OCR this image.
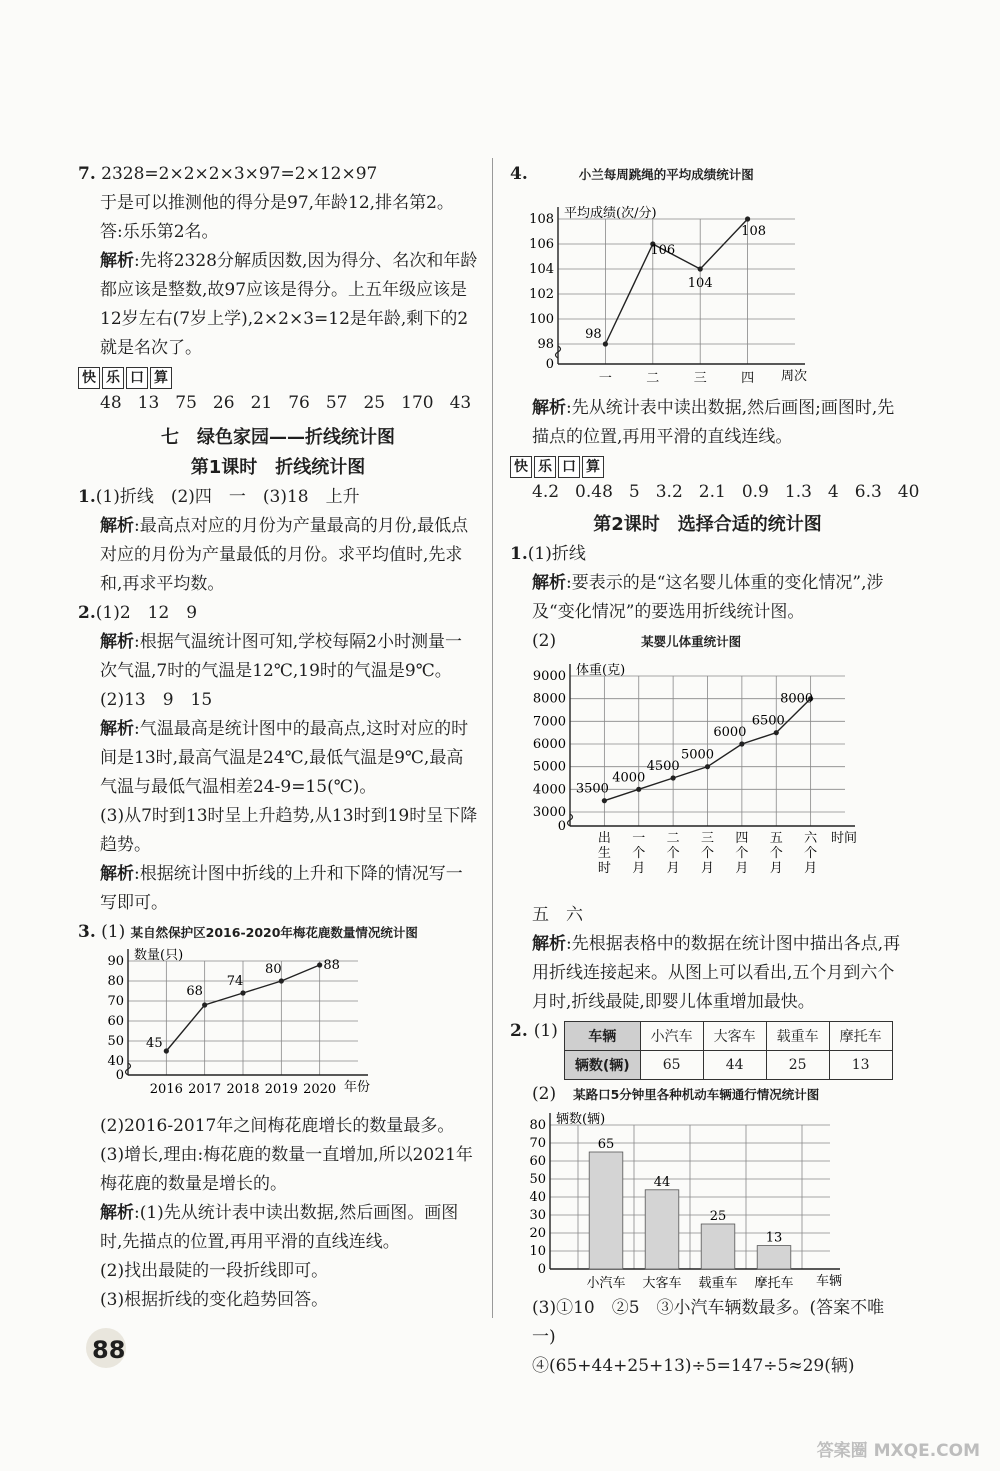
7. 2328=2×2×2×3×97=2×12×97

于是可以推测他的得分是97,年龄12,排名第2。

答:乐乐第2名。

解析:先将2328分解质因数,因为得分、名次和年龄都应该是整数,故97应该是得分。上五年级应该是12岁左右(7岁上学),2×2×3=12是年龄,剩下的2就是名次了。

快 乐 口 算
48 13 75 26 21 76 57 25 170 43
七　绿色家园——折线统计图
第1课时　折线统计图

1.(1)折线　(2)四　一　(3)18　上升

解析:最高点对应的月份为产量最高的月份,最低点对应的月份为产量最低的月份。求平均值时,先求和,再求平均数。

2.(1)2　12　9

解析:根据气温统计图可知,学校每隔2小时测量一次气温,7时的气温是12℃,19时的气温是9℃。

(2)13　9　15

解析:气温最高是统计图中的最高点,这时对应的时间是13时,最高气温是24℃,最低气温是9℃,最高气温与最低气温相差24-9=15(℃)。

(3)从7时到13时呈上升趋势,从13时到19时呈下降趋势。

解析:根据统计图中折线的上升和下降的情况写一写即可。

3. (1) 某自然保护区2016-2020年梅花鹿数量情况统计图

0
40
50
60
70
80
90 数量(只)
年份
2016 2017 2018 2019 2020
45
68
74
80	88

(2)2016-2017年之间梅花鹿增长的数量最多。

(3)增长,理由:梅花鹿的数量一直增加,所以2021年梅花鹿的数量是增长的。

解析:(1)先从统计表中读出数据,然后画图。画图时,先描点的位置,再用平滑的直线连线。

(2)找出最陡的一段折线即可。

(3)根据折线的变化趋势回答。

4.　　　	小兰每周跳绳的平均成绩统计图

0
98
100
102
104
106
108 平均成绩(次/分)
周次
一	二	三	四
98
106
104
108

解析:先从统计表中读出数据,然后画图;画图时,先描点的位置,再用平滑的直线连线。

快 乐 口 算
4.2 0.48 5 3.2 2.1 0.9 1.3 4 6.3 40
第2课时　选择合适的统计图

1.(1)折线

解析:要表示的是“这名婴儿体重的变化情况”,涉及“变化情况”的要选用折线统计图。

(2)　　　　　	某婴儿体重统计图

0
3000
4000
5000
6000
7000
8000
9000 体重(克)
时间
出
生
时
一
个
月
二
个
月
三
个
月
四
个
月
五
个
月
六
个
月
3500
4000
4500
5000
6000
6500
8000

五　六

解析:先根据表格中的数据在统计图中描出各点,再用折线连接起来。从图上可以看出,五个月到六个月时,折线最陡,即婴儿体重增加最快。

2. (1) 车辆	小汽车	大客车	载重车	摩托车
辆数(辆)	65	44	25	13

(2)　 某路口5分钟里各种机动车辆通行情况统计图

0
10
20
30
40
50
60
70
80 辆数(辆)
车辆
小汽车 大客车 载重车 摩托车
65
44
25
13

(3)①10　②5　③小汽车辆数最多。(答案不唯一)

④(65+44+25+13)÷5=147÷5≈29(辆)

88
答案圈 MXQE.COM
